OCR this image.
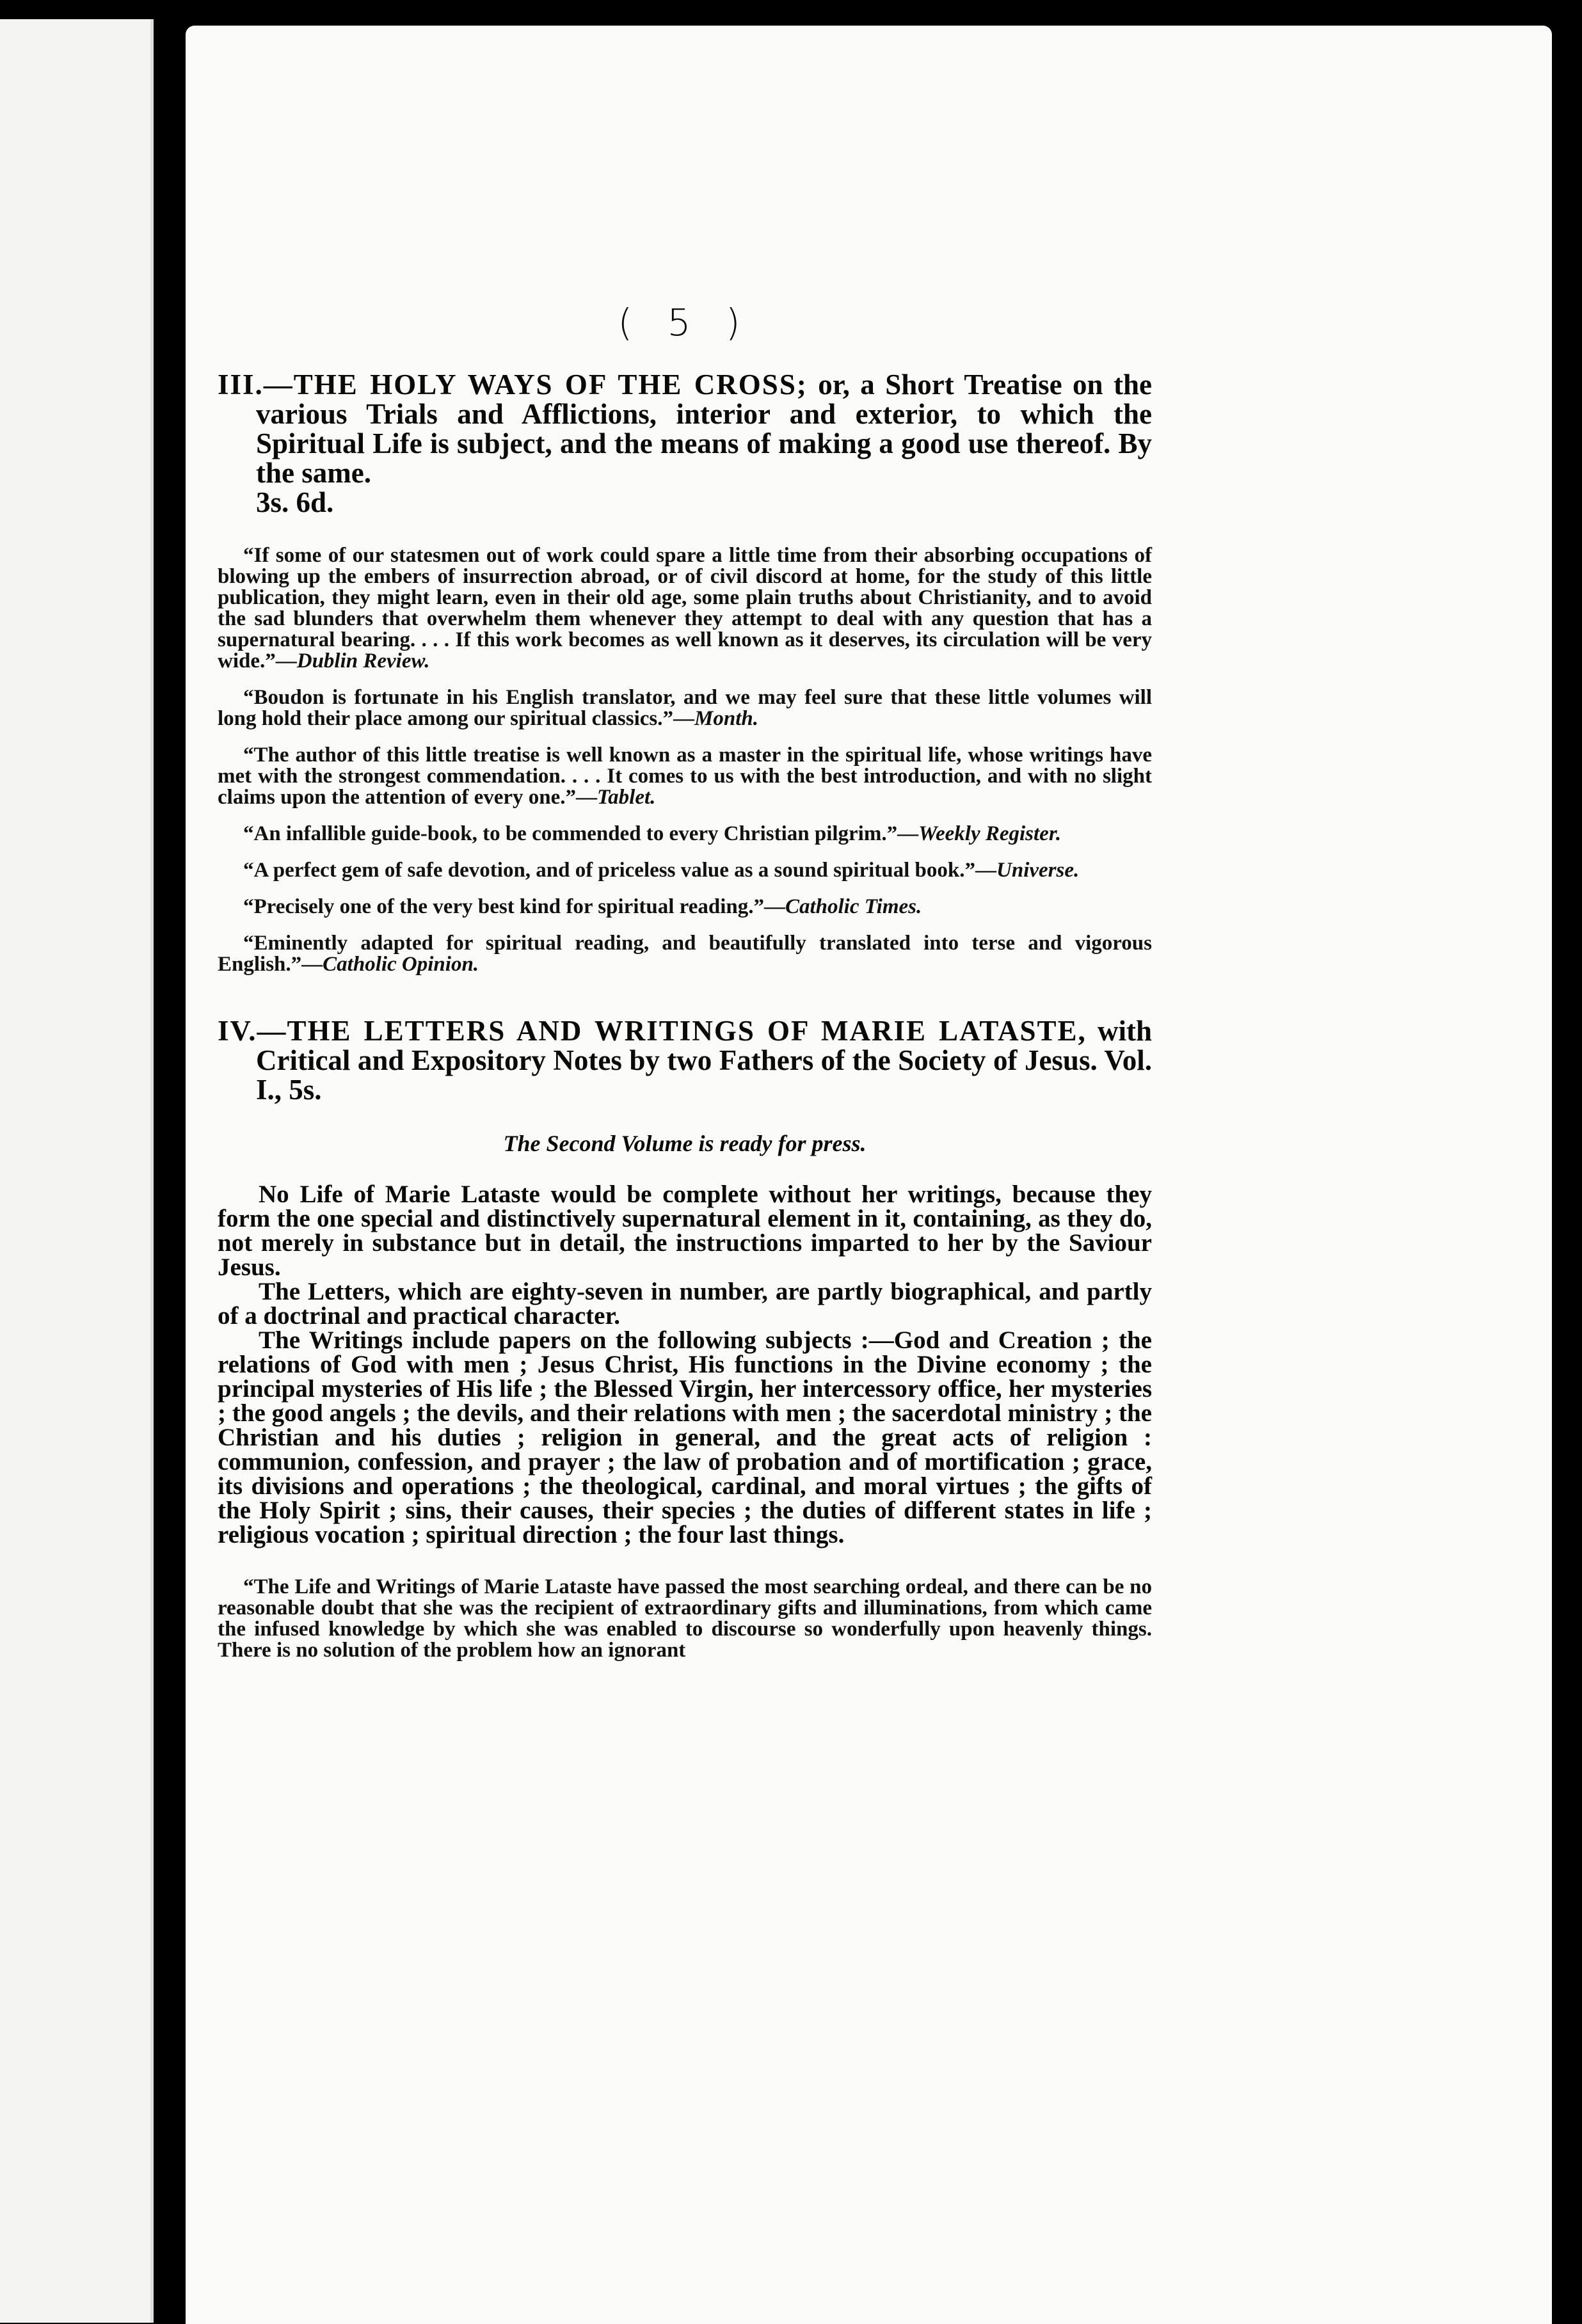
( 5 )

III.—THE HOLY WAYS OF THE CROSS; or, a Short Treatise on the various Trials and Afflictions, interior and exterior, to which the Spiritual Life is subject, and the means of making a good use thereof. By the same.

3s. 6d.

“If some of our statesmen out of work could spare a little time from their absorbing occupations of blowing up the embers of insurrection abroad, or of civil discord at home, for the study of this little publication, they might learn, even in their old age, some plain truths about Christianity, and to avoid the sad blunders that overwhelm them whenever they attempt to deal with any question that has a supernatural bearing. . . . If this work becomes as well known as it deserves, its circulation will be very wide.”—Dublin Review.

“Boudon is fortunate in his English translator, and we may feel sure that these little volumes will long hold their place among our spiritual classics.”—Month.

“The author of this little treatise is well known as a master in the spiritual life, whose writings have met with the strongest commendation. . . . It comes to us with the best introduction, and with no slight claims upon the attention of every one.”—Tablet.

“An infallible guide-book, to be commended to every Christian pilgrim.”—Weekly Register.

“A perfect gem of safe devotion, and of priceless value as a sound spiritual book.”—Universe.

“Precisely one of the very best kind for spiritual reading.”—Catholic Times.

“Eminently adapted for spiritual reading, and beautifully translated into terse and vigorous English.”—Catholic Opinion.

IV.—THE LETTERS AND WRITINGS OF MARIE LATASTE, with Critical and Expository Notes by two Fathers of the Society of Jesus. Vol. I., 5s.

The Second Volume is ready for press.

No Life of Marie Lataste would be complete without her writings, because they form the one special and distinctively supernatural element in it, containing, as they do, not merely in substance but in detail, the instructions imparted to her by the Saviour Jesus.

The Letters, which are eighty-seven in number, are partly biographical, and partly of a doctrinal and practical character.

The Writings include papers on the following subjects :—God and Creation ; the relations of God with men ; Jesus Christ, His functions in the Divine economy ; the principal mysteries of His life ; the Blessed Virgin, her intercessory office, her mysteries ; the good angels ; the devils, and their relations with men ; the sacerdotal ministry ; the Christian and his duties ; religion in general, and the great acts of religion : communion, confession, and prayer ; the law of probation and of mortification ; grace, its divisions and operations ; the theological, cardinal, and moral virtues ; the gifts of the Holy Spirit ; sins, their causes, their species ; the duties of different states in life ; religious vocation ; spiritual direction ; the four last things.

“The Life and Writings of Marie Lataste have passed the most searching ordeal, and there can be no reasonable doubt that she was the recipient of extraordinary gifts and illuminations, from which came the infused knowledge by which she was enabled to discourse so wonderfully upon heavenly things. There is no solution of the problem how an ignorant
